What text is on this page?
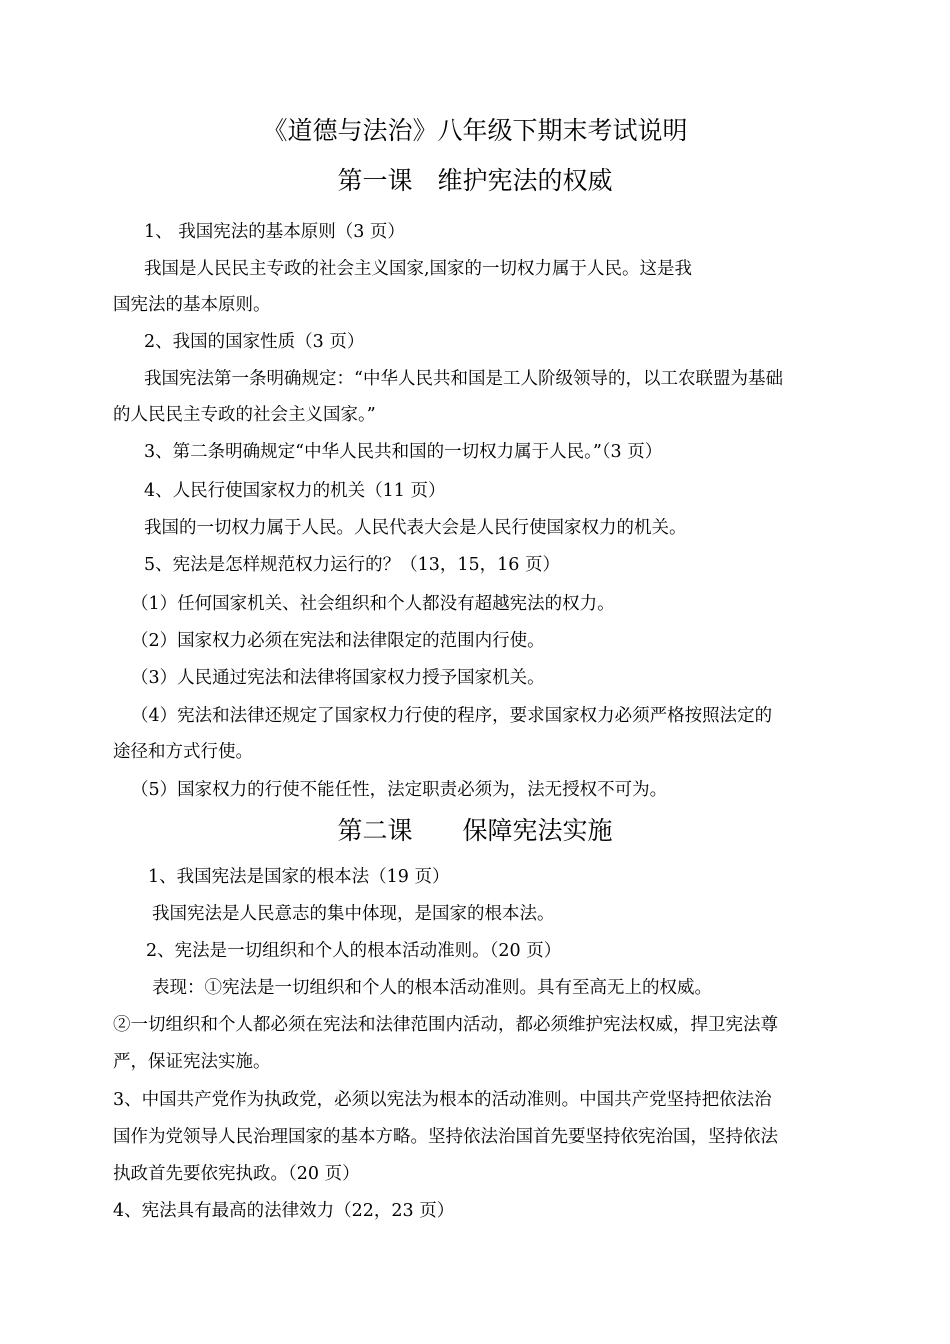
《道德与法治》八年级下期末考试说明
第一课　维护宪法的权威
1、 我国宪法的基本原则（3 页）
我国是人民民主专政的社会主义国家,国家的一切权力属于人民。这是我
国宪法的基本原则。
2、我国的国家性质（3 页）
我国宪法第一条明确规定：“中华人民共和国是工人阶级领导的，以工农联盟为基础
的人民民主专政的社会主义国家。”
3、第二条明确规定“中华人民共和国的一切权力属于人民。”（3 页）
4、人民行使国家权力的机关（11 页）
我国的一切权力属于人民。人民代表大会是人民行使国家权力的机关。
5、宪法是怎样规范权力运行的？（13，15，16 页）
（1）任何国家机关、社会组织和个人都没有超越宪法的权力。
（2）国家权力必须在宪法和法律限定的范围内行使。
（3）人民通过宪法和法律将国家权力授予国家机关。
（4）宪法和法律还规定了国家权力行使的程序，要求国家权力必须严格按照法定的
途径和方式行使。
（5）国家权力的行使不能任性，法定职责必须为，法无授权不可为。
第二课　　保障宪法实施
1、我国宪法是国家的根本法（19 页）
我国宪法是人民意志的集中体现，是国家的根本法。
2、宪法是一切组织和个人的根本活动准则。（20 页）
表现：①宪法是一切组织和个人的根本活动准则。具有至高无上的权威。
②一切组织和个人都必须在宪法和法律范围内活动，都必须维护宪法权威，捍卫宪法尊
严，保证宪法实施。
3、中国共产党作为执政党，必须以宪法为根本的活动准则。中国共产党坚持把依法治
国作为党领导人民治理国家的基本方略。坚持依法治国首先要坚持依宪治国，坚持依法
执政首先要依宪执政。（20 页）
4、宪法具有最高的法律效力（22，23 页）
